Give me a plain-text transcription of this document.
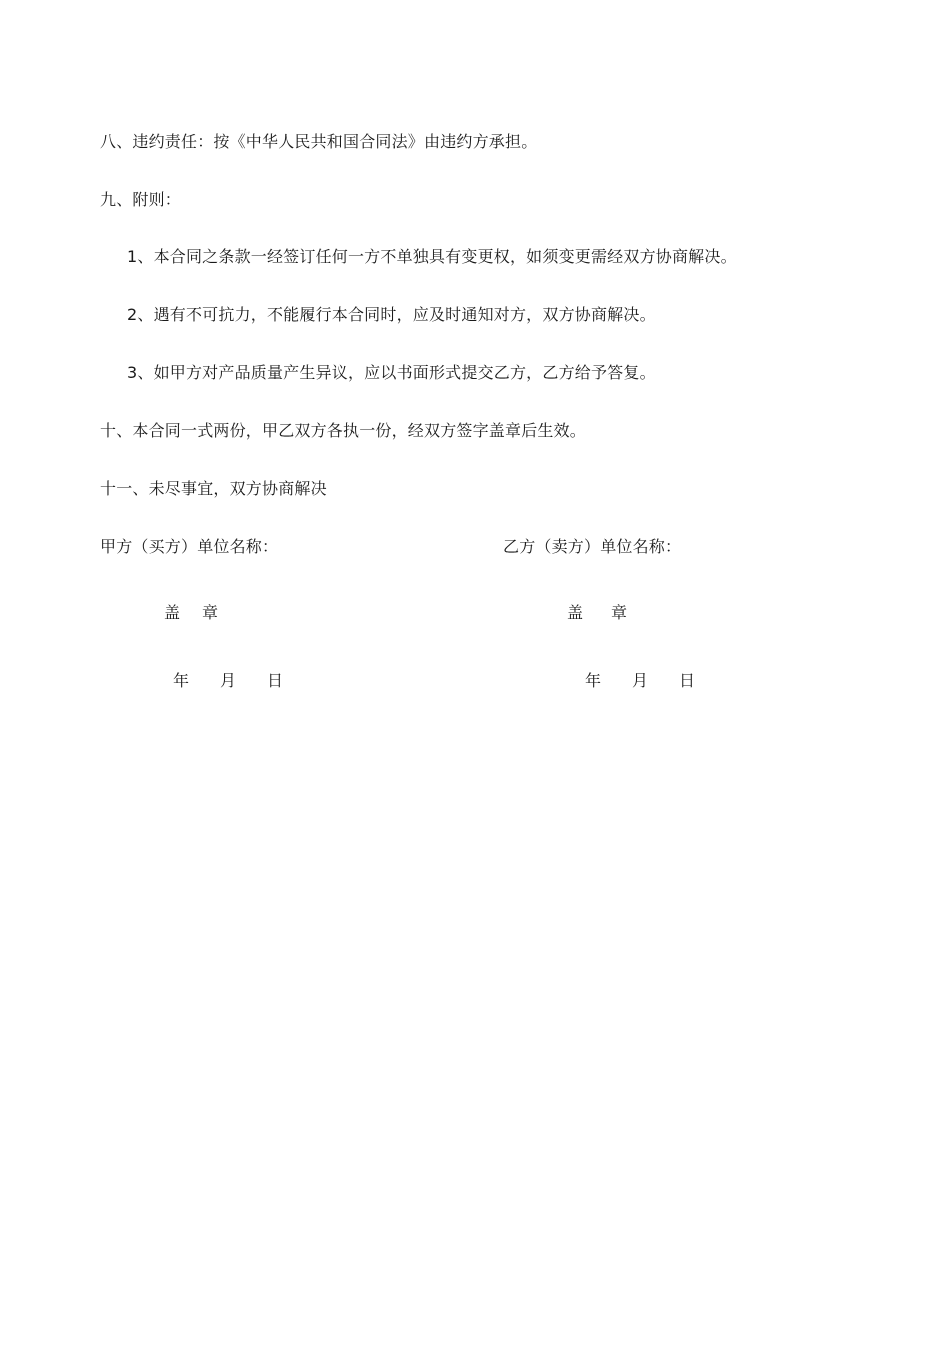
八、违约责任：按《中华人民共和国合同法》由违约方承担。
九、附则：
1、本合同之条款一经签订任何一方不单独具有变更权，如须变更需经双方协商解决。
2、遇有不可抗力，不能履行本合同时，应及时通知对方，双方协商解决。
3、如甲方对产品质量产生异议，应以书面形式提交乙方，乙方给予答复。
十、本合同一式两份，甲乙双方各执一份，经双方签字盖章后生效。
十一、未尽事宜，双方协商解决
甲方（买方）单位名称：	乙方（卖方）单位名称：
盖 章	盖 章
年 月 日	年 月 日
